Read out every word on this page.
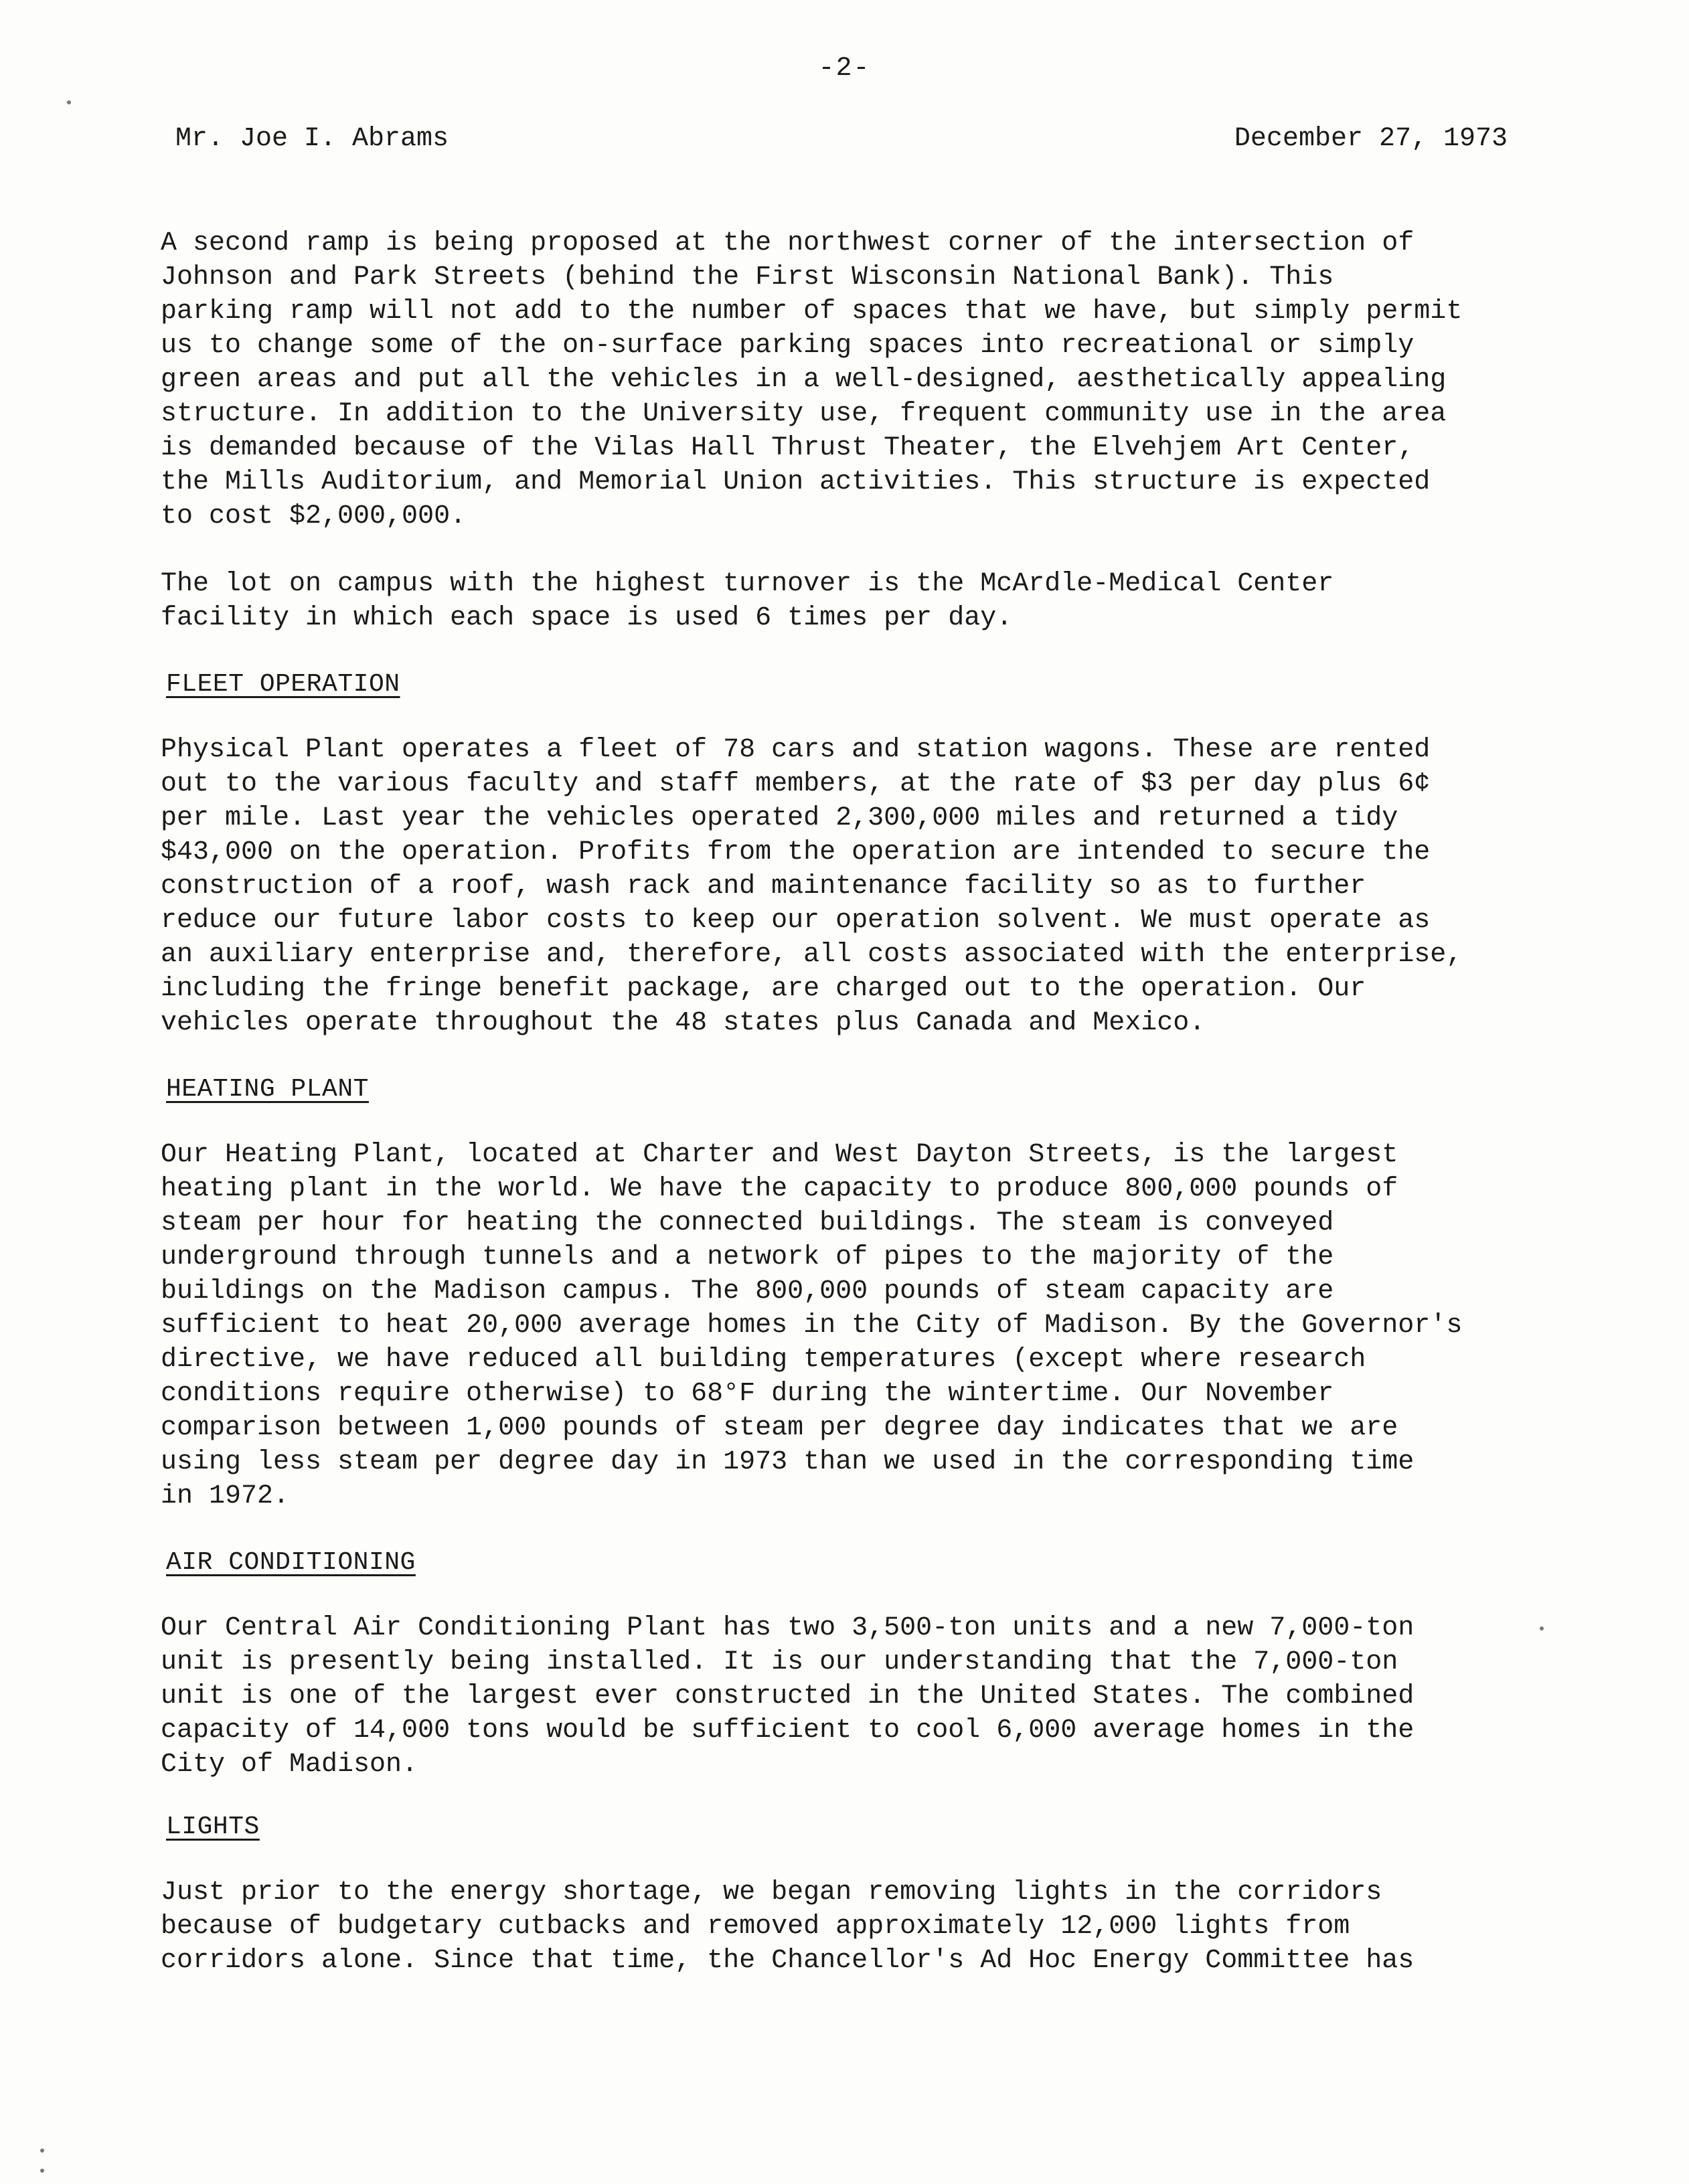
-2-
Mr. Joe I. Abrams	December 27, 1973

A second ramp is being proposed at the northwest corner of the intersection of
Johnson and Park Streets (behind the First Wisconsin National Bank). This
parking ramp will not add to the number of spaces that we have, but simply permit
us to change some of the on-surface parking spaces into recreational or simply
green areas and put all the vehicles in a well-designed, aesthetically appealing
structure. In addition to the University use, frequent community use in the area
is demanded because of the Vilas Hall Thrust Theater, the Elvehjem Art Center,
the Mills Auditorium, and Memorial Union activities. This structure is expected
to cost $2,000,000.

The lot on campus with the highest turnover is the McArdle-Medical Center
facility in which each space is used 6 times per day.

FLEET OPERATION

Physical Plant operates a fleet of 78 cars and station wagons. These are rented
out to the various faculty and staff members, at the rate of $3 per day plus 6¢
per mile. Last year the vehicles operated 2,300,000 miles and returned a tidy
$43,000 on the operation. Profits from the operation are intended to secure the
construction of a roof, wash rack and maintenance facility so as to further
reduce our future labor costs to keep our operation solvent. We must operate as
an auxiliary enterprise and, therefore, all costs associated with the enterprise,
including the fringe benefit package, are charged out to the operation. Our
vehicles operate throughout the 48 states plus Canada and Mexico.

HEATING PLANT

Our Heating Plant, located at Charter and West Dayton Streets, is the largest
heating plant in the world. We have the capacity to produce 800,000 pounds of
steam per hour for heating the connected buildings. The steam is conveyed
underground through tunnels and a network of pipes to the majority of the
buildings on the Madison campus. The 800,000 pounds of steam capacity are
sufficient to heat 20,000 average homes in the City of Madison. By the Governor's
directive, we have reduced all building temperatures (except where research
conditions require otherwise) to 68°F during the wintertime. Our November
comparison between 1,000 pounds of steam per degree day indicates that we are
using less steam per degree day in 1973 than we used in the corresponding time
in 1972.

AIR CONDITIONING

Our Central Air Conditioning Plant has two 3,500-ton units and a new 7,000-ton
unit is presently being installed. It is our understanding that the 7,000-ton
unit is one of the largest ever constructed in the United States. The combined
capacity of 14,000 tons would be sufficient to cool 6,000 average homes in the
City of Madison.

LIGHTS

Just prior to the energy shortage, we began removing lights in the corridors
because of budgetary cutbacks and removed approximately 12,000 lights from
corridors alone. Since that time, the Chancellor's Ad Hoc Energy Committee has
